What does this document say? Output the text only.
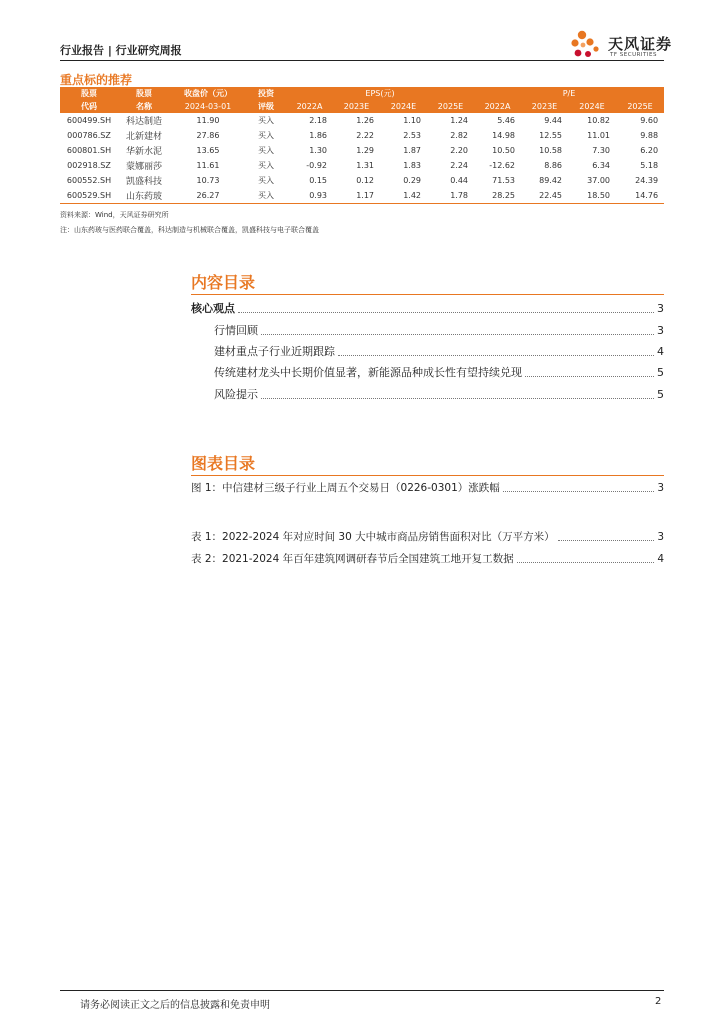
行业报告 | 行业研究周报	天风证券
TF SECURITIES
重点标的推荐
股票	股票	收盘价（元）	投资	EPS(元)				P/E			
代码	名称	2024-03-01	评级	2022A	2023E	2024E	2025E	2022A	2023E	2024E	2025E
600499.SH	科达制造	11.90	买入	2.18	1.26	1.10	1.24	5.46	9.44	10.82	9.60
000786.SZ	北新建材	27.86	买入	1.86	2.22	2.53	2.82	14.98	12.55	11.01	9.88
600801.SH	华新水泥	13.65	买入	1.30	1.29	1.87	2.20	10.50	10.58	7.30	6.20
002918.SZ	蒙娜丽莎	11.61	买入	-0.92	1.31	1.83	2.24	-12.62	8.86	6.34	5.18
600552.SH	凯盛科技	10.73	买入	0.15	0.12	0.29	0.44	71.53	89.42	37.00	24.39
600529.SH	山东药玻	26.27	买入	0.93	1.17	1.42	1.78	28.25	22.45	18.50	14.76
资料来源：Wind，天风证券研究所
注：山东药玻与医药联合覆盖，科达制造与机械联合覆盖，凯盛科技与电子联合覆盖
内容目录
核心观点	3
行情回顾	3
建材重点子行业近期跟踪	4
传统建材龙头中长期价值显著，新能源品种成长性有望持续兑现	5
风险提示	5
图表目录
图 1：中信建材三级子行业上周五个交易日（0226-0301）涨跌幅	3
表 1：2022-2024 年对应时间 30 大中城市商品房销售面积对比（万平方米）	3
表 2：2021-2024 年百年建筑网调研春节后全国建筑工地开复工数据	4
请务必阅读正文之后的信息披露和免责申明	2
